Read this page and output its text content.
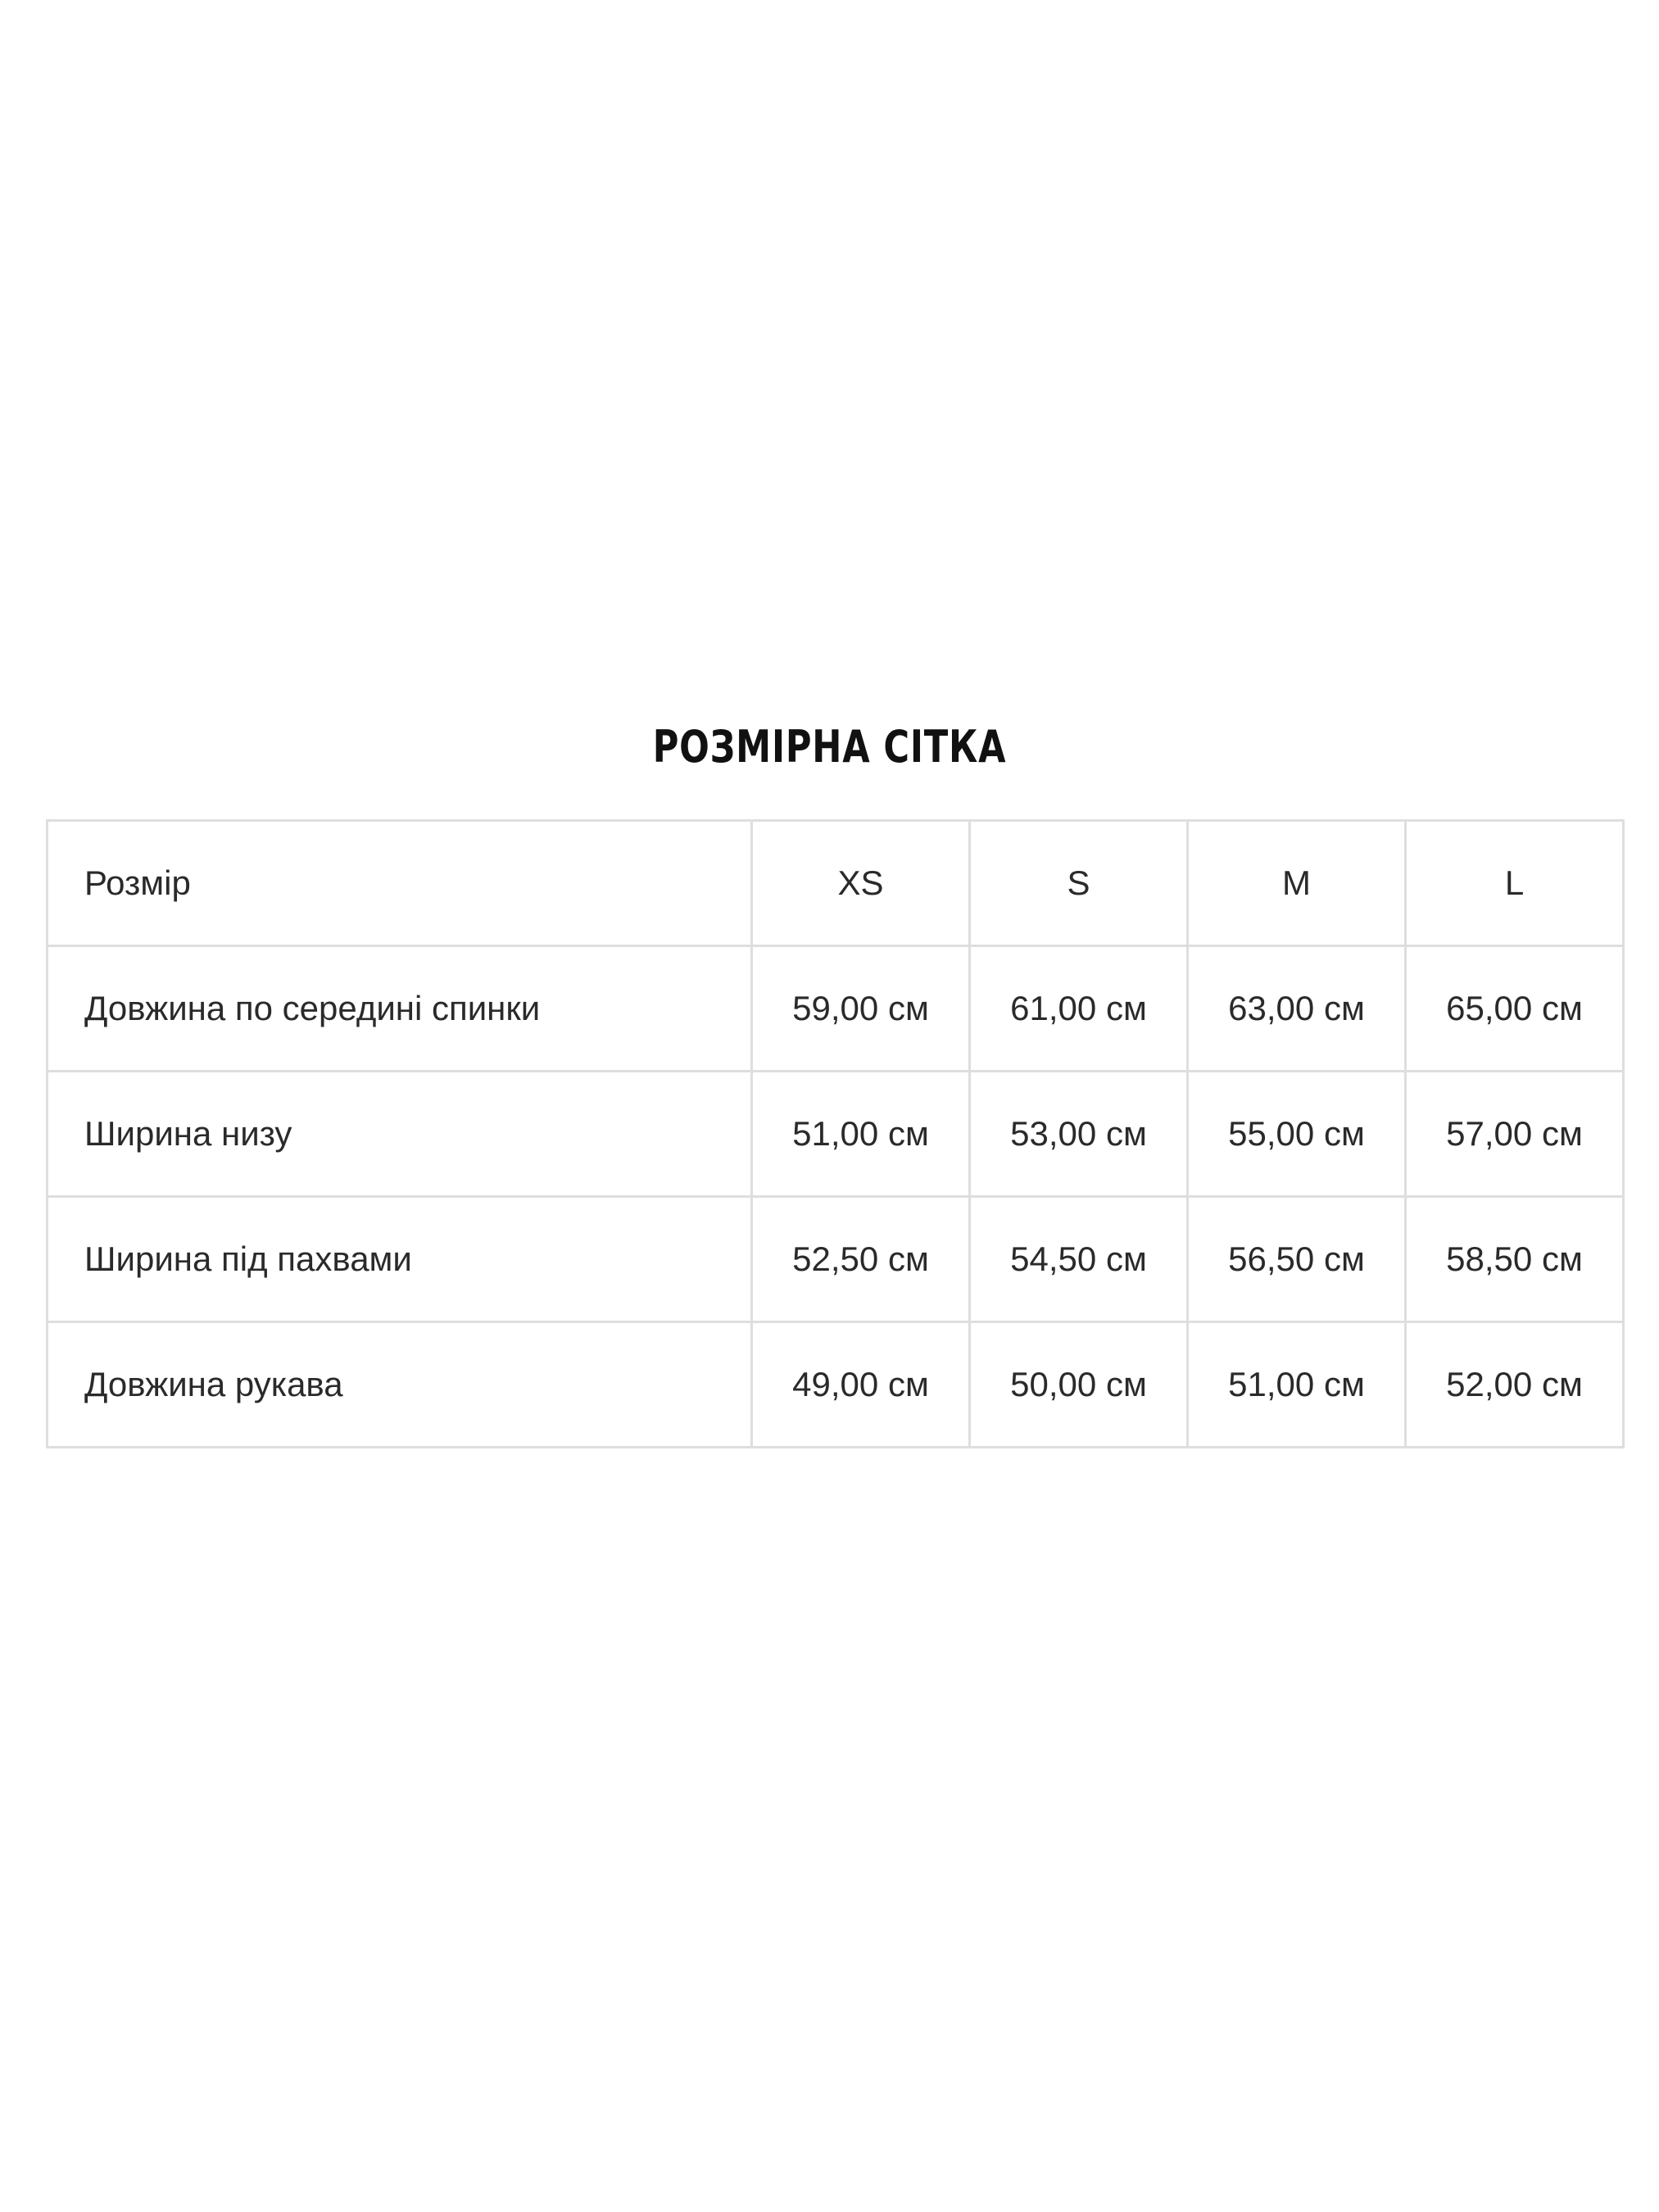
РОЗМІРНА СІТКА
Розмір	XS	S	M	L
Довжина по середині спинки	59,00 см	61,00 см	63,00 см	65,00 см
Ширина низу	51,00 см	53,00 см	55,00 см	57,00 см
Ширина під пахвами	52,50 см	54,50 см	56,50 см	58,50 см
Довжина рукава	49,00 см	50,00 см	51,00 см	52,00 см
